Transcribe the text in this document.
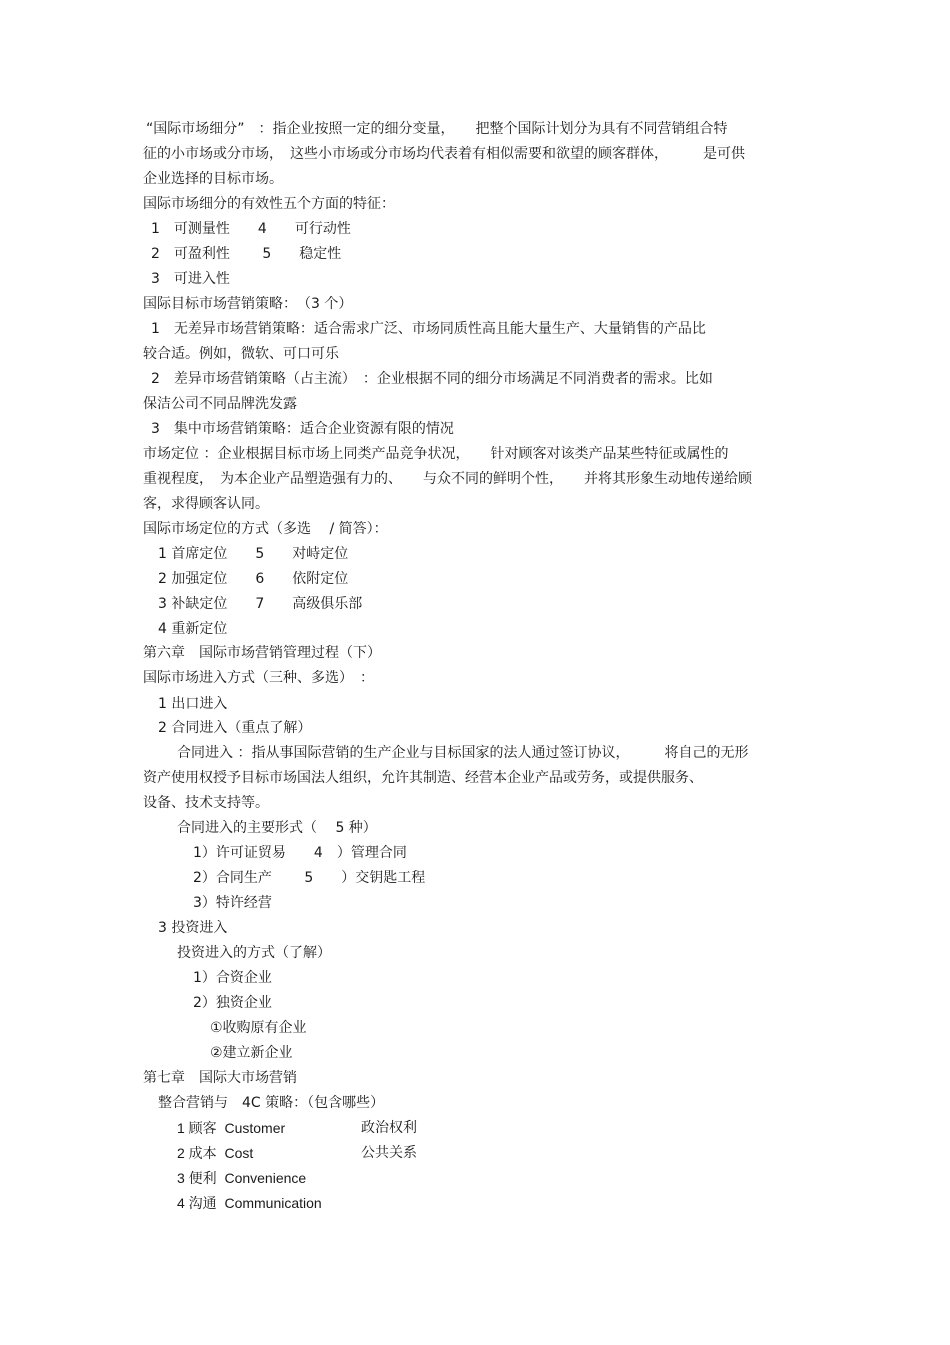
“国际市场细分”　：指企业按照一定的细分变量，　　把整个国际计划分为具有不同营销组合特
征的小市场或分市场，　这些小市场或分市场均代表着有相似需要和欲望的顾客群体，　　　是可供
企业选择的目标市场。
国际市场细分的有效性五个方面的特征：
1　可测量性　　4　　可行动性
2　可盈利性　　 5　　稳定性
3　可进入性
国际目标市场营销策略：　（3 个）
1　无差异市场营销策略：适合需求广泛、市场同质性高且能大量生产、大量销售的产品比
较合适。例如，微软、可口可乐
2　差异市场营销策略（占主流）　：企业根据不同的细分市场满足不同消费者的需求。比如
保洁公司不同品牌洗发露
3　集中市场营销策略：适合企业资源有限的情况
市场定位 ：企业根据目标市场上同类产品竞争状况，　　针对顾客对该类产品某些特征或属性的
重视程度，　为本企业产品塑造强有力的、　　与众不同的鲜明个性，　　并将其形象生动地传递给顾
客，求得顾客认同。
国际市场定位的方式（多选　 / 简答）：
1 首席定位　　5　　对峙定位
2 加强定位　　6　　依附定位
3 补缺定位　　7　　高级俱乐部
4 重新定位
第六章　国际市场营销管理过程（下）
国际市场进入方式（三种、多选）　：
1 出口进入
2 合同进入（重点了解）
合同进入 ：指从事国际营销的生产企业与目标国家的法人通过签订协议，　　　将自己的无形
资产使用权授予目标市场国法人组织，允许其制造、经营本企业产品或劳务，或提供服务、
设备、技术支持等。
合同进入的主要形式（　 5 种）
1）许可证贸易　　4　）管理合同
2）合同生产　　 5　　）交钥匙工程
3）特许经营
3 投资进入
投资进入的方式（了解）
1）合资企业
2）独资企业
①收购原有企业
②建立新企业
第七章　国际大市场营销
整合营销与　4C 策略：（包含哪些）
1 顾客  Customer	政治权利
2 成本  Cost	公共关系
3 便利  Convenience
4 沟通  Communication
